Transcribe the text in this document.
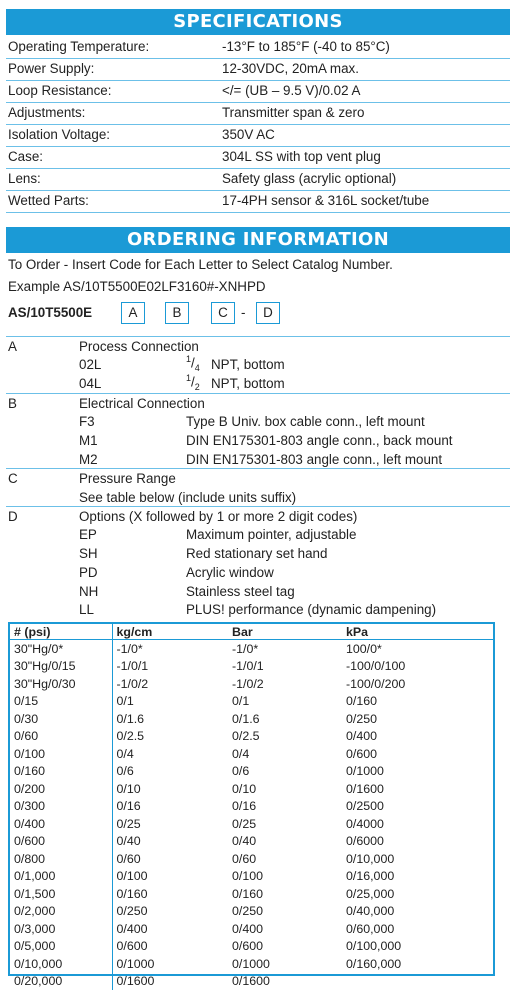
SPECIFICATIONS
Operating Temperature:	-13°F to 185°F (-40 to 85°C)
Power Supply:	12-30VDC, 20mA max.
Loop Resistance:	</= (UB – 9.5 V)/0.02 A
Adjustments:	Transmitter span & zero
Isolation Voltage:	350V AC
Case:	304L SS with top vent plug
Lens:	Safety glass (acrylic optional)
Wetted Parts:	17-4PH sensor & 316L socket/tube
ORDERING INFORMATION
To Order - Insert Code for Each Letter to Select Catalog Number.
Example AS/10T5500E02LF3160#-XNHPD
AS/10T5500E	A	B	C -	D
A	Process Connection
02L	$^1/_4$ NPT, bottom
04L	$^1/_2$ NPT, bottom
B	Electrical Connection
F3	Type B Univ. box cable conn., left mount
M1	DIN EN175301-803 angle conn., back mount
M2	DIN EN175301-803 angle conn., left mount
C	Pressure Range
See table below (include units suffix)
D	Options (X followed by 1 or more 2 digit codes)
EP	Maximum pointer, adjustable
SH	Red stationary set hand
PD	Acrylic window
NH	Stainless steel tag
LL	PLUS! performance (dynamic dampening)
# (psi)	kg/cm	Bar	kPa
30"Hg/0*	-1/0*	-1/0*	100/0*
30"Hg/0/15	-1/0/1	-1/0/1	-100/0/100
30"Hg/0/30	-1/0/2	-1/0/2	-100/0/200
0/15	0/1	0/1	0/160
0/30	0/1.6	0/1.6	0/250
0/60	0/2.5	0/2.5	0/400
0/100	0/4	0/4	0/600
0/160	0/6	0/6	0/1000
0/200	0/10	0/10	0/1600
0/300	0/16	0/16	0/2500
0/400	0/25	0/25	0/4000
0/600	0/40	0/40	0/6000
0/800	0/60	0/60	0/10,000
0/1,000	0/100	0/100	0/16,000
0/1,500	0/160	0/160	0/25,000
0/2,000	0/250	0/250	0/40,000
0/3,000	0/400	0/400	0/60,000
0/5,000	0/600	0/600	0/100,000
0/10,000	0/1000	0/1000	0/160,000
0/20,000	0/1600	0/1600	
